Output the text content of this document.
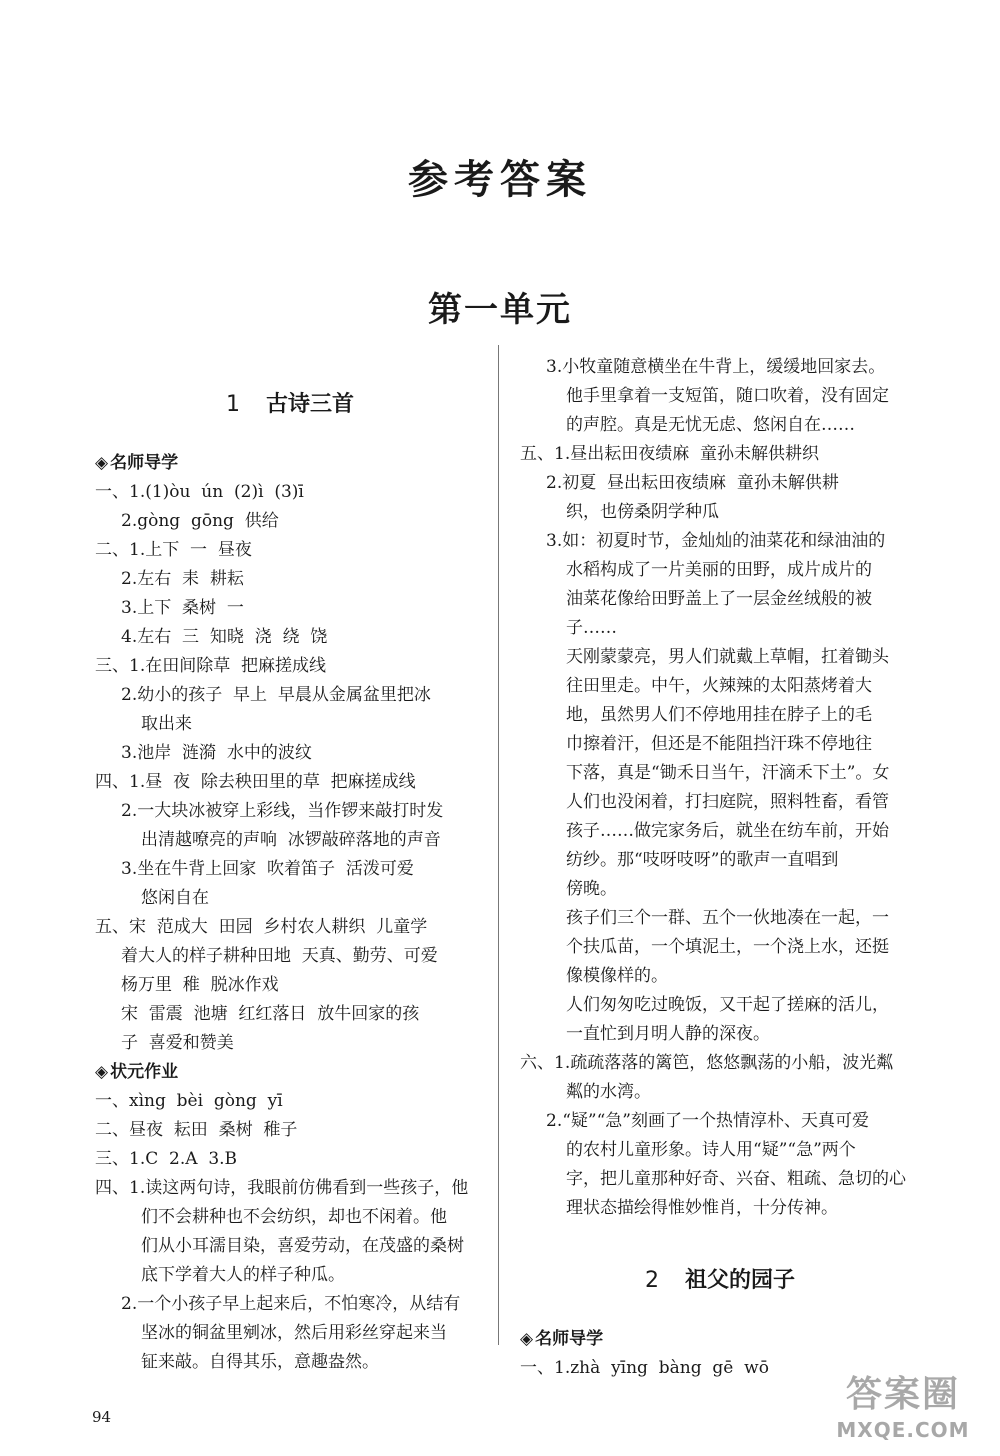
参考答案
第一单元
1 古诗三首
◈ 名师导学
一、1.(1)òu  ún  (2)ì  (3)ī
2.gòng  gōng  供给
二、1.上下  一  昼夜
2.左右  耒  耕耘
3.上下  桑树  一
4.左右  三  知晓  浇  绕  饶
三、1.在田间除草  把麻搓成线
2.幼小的孩子  早上  早晨从金属盆里把冰
取出来
3.池岸  涟漪  水中的波纹
四、1.昼  夜  除去秧田里的草  把麻搓成线
2.一大块冰被穿上彩线，当作锣来敲打时发
出清越嘹亮的声响  冰锣敲碎落地的声音
3.坐在牛背上回家  吹着笛子  活泼可爱
悠闲自在
五、宋  范成大  田园  乡村农人耕织  儿童学
着大人的样子耕种田地  天真、勤劳、可爱
杨万里  稚  脱冰作戏
宋  雷震  池塘  红红落日  放牛回家的孩
子  喜爱和赞美
◈ 状元作业
一、xìng  bèi  gòng  yī
二、昼夜  耘田  桑树  稚子
三、1.C  2.A  3.B
四、1.读这两句诗，我眼前仿佛看到一些孩子，他
们不会耕种也不会纺织，却也不闲着。他
们从小耳濡目染，喜爱劳动，在茂盛的桑树
底下学着大人的样子种瓜。
2.一个小孩子早上起来后，不怕寒冷，从结有
坚冰的铜盆里剜冰，然后用彩丝穿起来当
钲来敲。自得其乐，意趣盎然。
3.小牧童随意横坐在牛背上，缓缓地回家去。
他手里拿着一支短笛，随口吹着，没有固定
的声腔。真是无忧无虑、悠闲自在……
五、1.昼出耘田夜绩麻  童孙未解供耕织
2.初夏  昼出耘田夜绩麻  童孙未解供耕
织，也傍桑阴学种瓜
3.如：初夏时节，金灿灿的油菜花和绿油油的
水稻构成了一片美丽的田野，成片成片的
油菜花像给田野盖上了一层金丝绒般的被
子……
天刚蒙蒙亮，男人们就戴上草帽，扛着锄头
往田里走。中午，火辣辣的太阳蒸烤着大
地，虽然男人们不停地用挂在脖子上的毛
巾擦着汗，但还是不能阻挡汗珠不停地往
下落，真是“锄禾日当午，汗滴禾下土”。女
人们也没闲着，打扫庭院，照料牲畜，看管
孩子……做完家务后，就坐在纺车前，开始
纺纱。那“吱呀吱呀”的歌声一直唱到
傍晚。
孩子们三个一群、五个一伙地凑在一起，一
个扶瓜苗，一个填泥土，一个浇上水，还挺
像模像样的。
人们匆匆吃过晚饭，又干起了搓麻的活儿，
一直忙到月明人静的深夜。
六、1.疏疏落落的篱笆，悠悠飘荡的小船，波光粼
粼的水湾。
2.“疑”“急”刻画了一个热情淳朴、天真可爱
的农村儿童形象。诗人用“疑”“急”两个
字，把儿童那种好奇、兴奋、粗疏、急切的心
理状态描绘得惟妙惟肖，十分传神。
2 祖父的园子
◈ 名师导学
一、1.zhà  yīng  bàng  gē  wō
94
答案圈
MXQE.COM
